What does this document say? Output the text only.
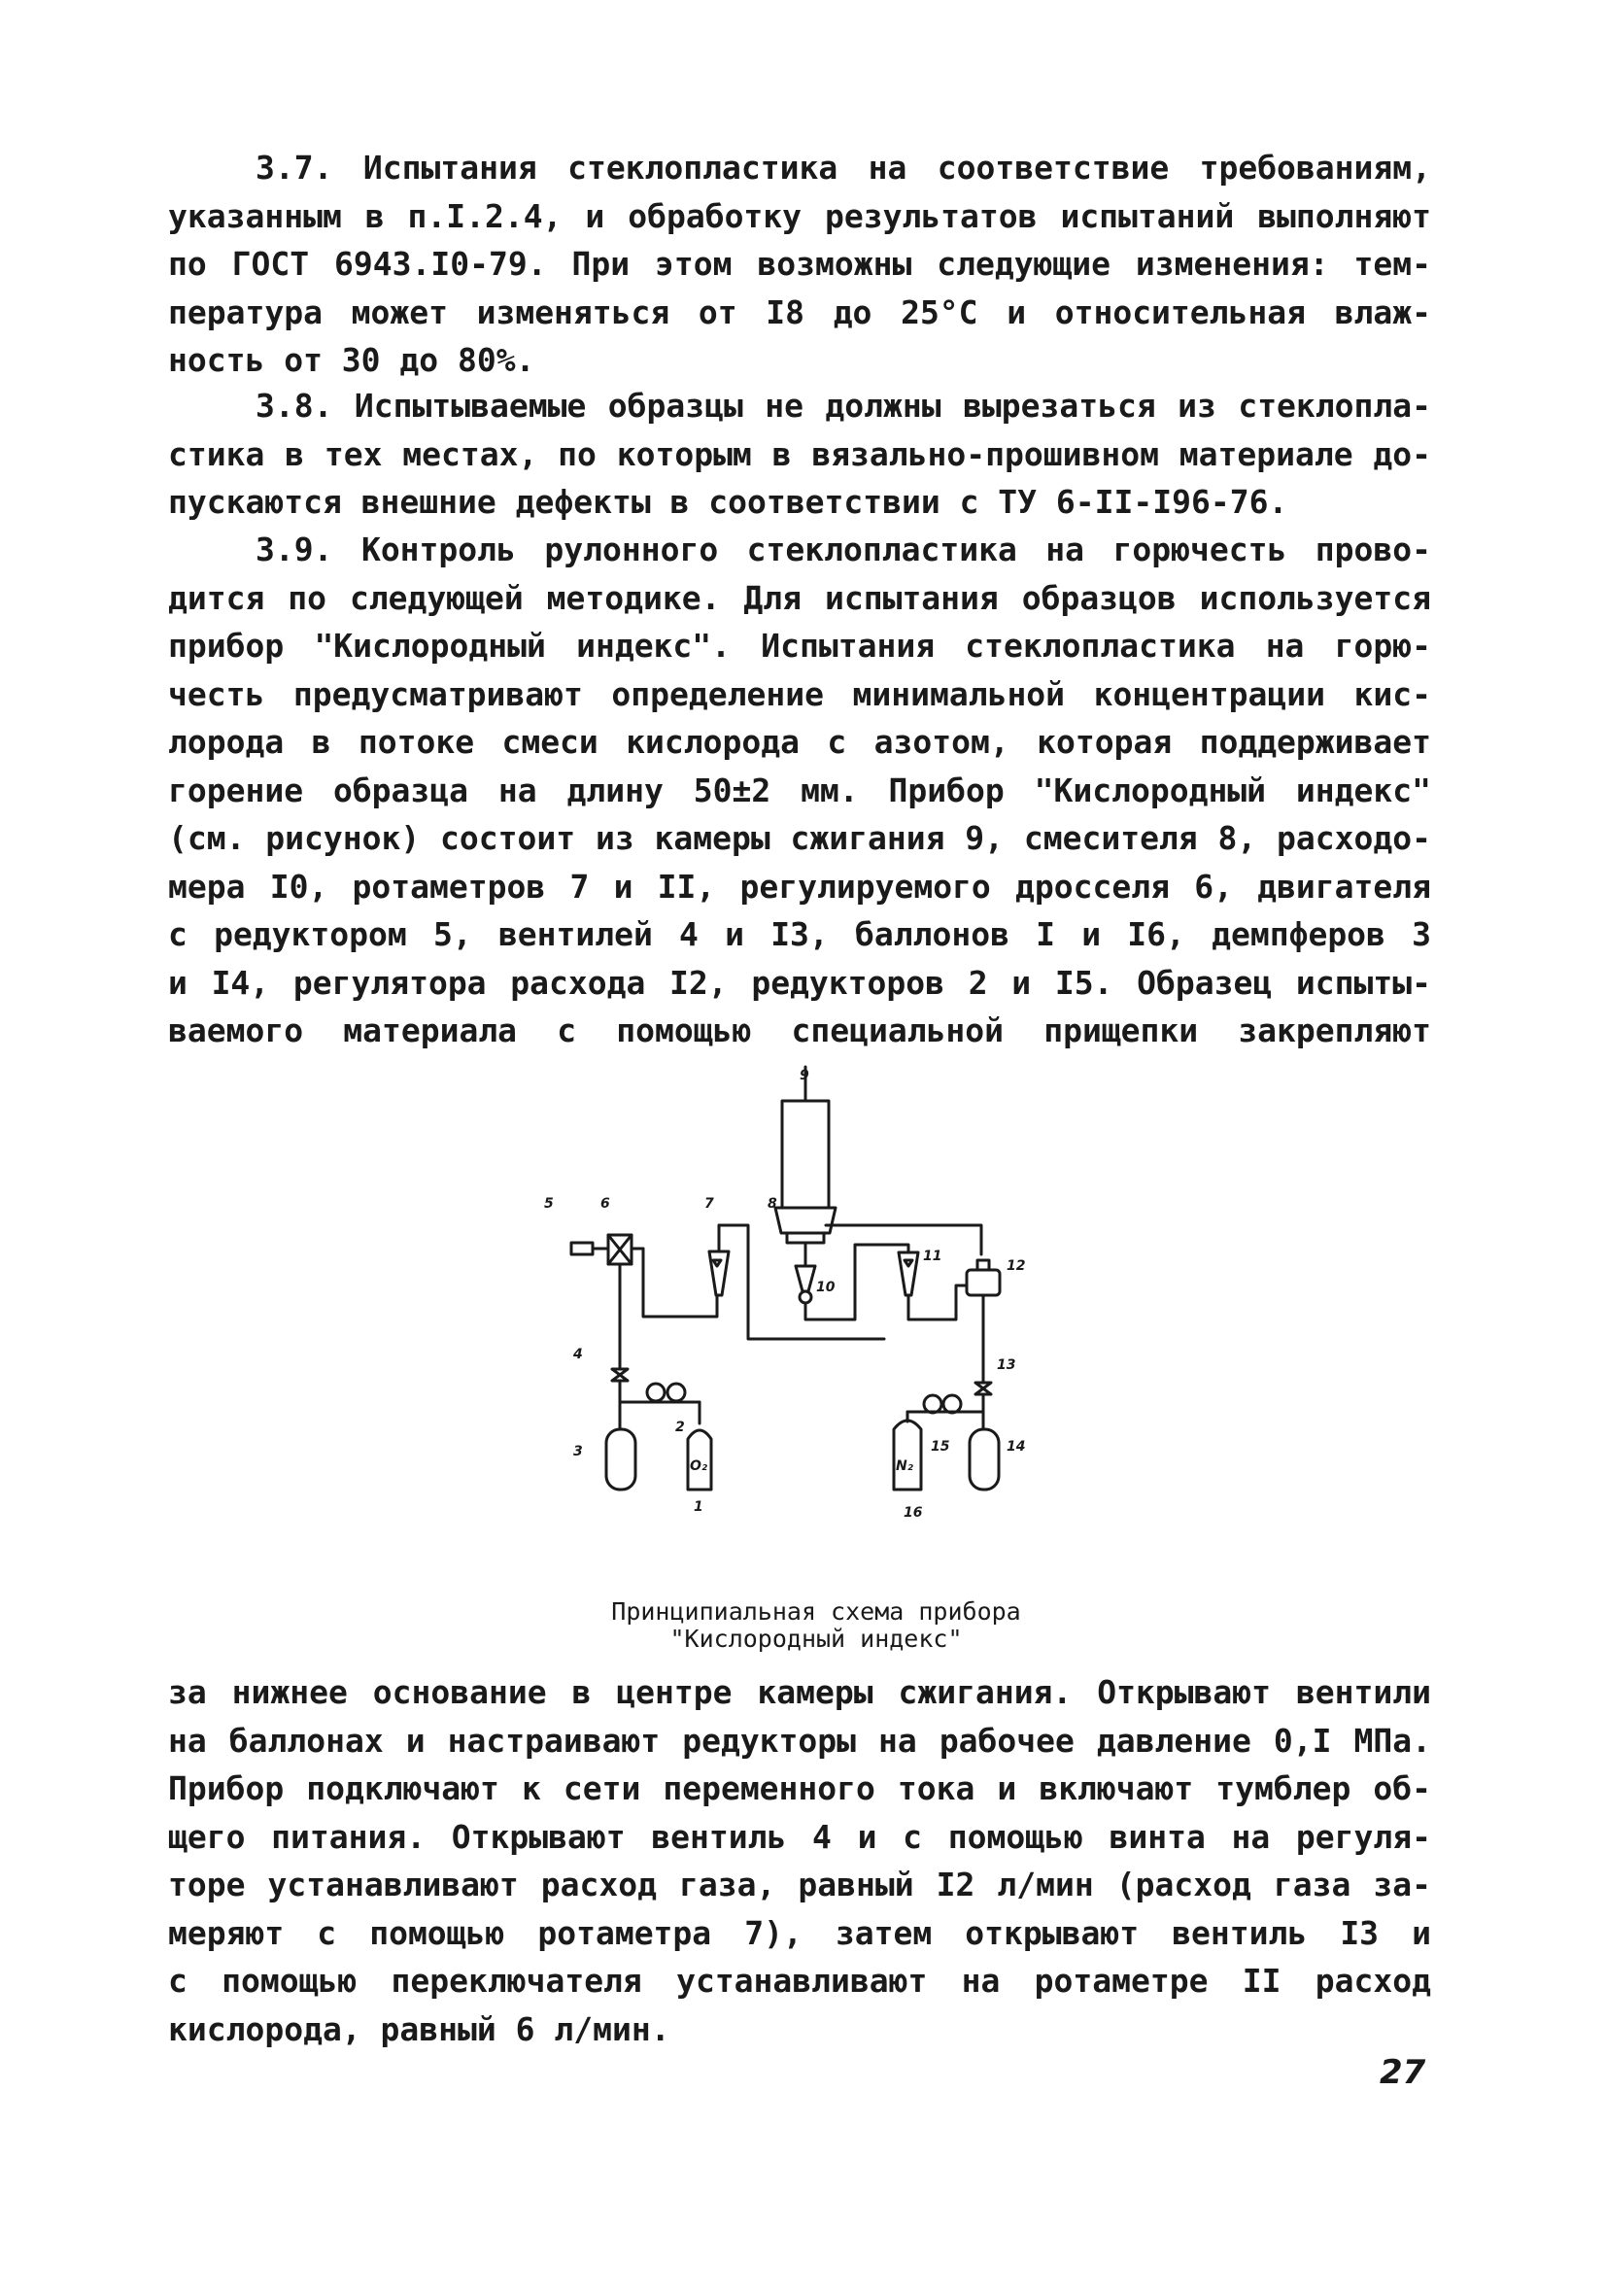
3.7. Испытания стеклопластика на соответствие требованиям,
указанным в п.I.2.4, и обработку результатов испытаний выполняют
по ГОСТ 6943.I0-79. При этом возможны следующие изменения: тем-
пература может изменяться от I8 до 25°C и относительная влаж-
ность от 30 до 80%.
3.8. Испытываемые образцы не должны вырезаться из стеклопла-
стика в тех местах, по которым в вязально-прошивном материале до-
пускаются внешние дефекты в соответствии с ТУ 6-II-I96-76.
3.9. Контроль рулонного стеклопластика на горючесть прово-
дится по следующей методике. Для испытания образцов используется
прибор "Кислородный индекс". Испытания стеклопластика на горю-
честь предусматривают определение минимальной концентрации кис-
лорода в потоке смеси кислорода с азотом, которая поддерживает
горение образца на длину 50±2 мм. Прибор "Кислородный индекс"
(см. рисунок) состоит из камеры сжигания 9, смесителя 8, расходо-
мера I0, ротаметров 7 и II, регулируемого дросселя 6, двигателя
с редуктором 5, вентилей 4 и I3, баллонов I и I6, демпферов 3
и I4, регулятора расхода I2, редукторов 2 и I5. Образец испыты-
ваемого материала с помощью специальной прищепки закрепляют
5	6	7	8
9
10
11
12
13
14
15
16
4
3
2
1
O₂	N₂
Принципиальная схема прибора
"Кислородный индекс"
за нижнее основание в центре камеры сжигания. Открывают вентили
на баллонах и настраивают редукторы на рабочее давление 0,I МПа.
Прибор подключают к сети переменного тока и включают тумблер об-
щего питания. Открывают вентиль 4 и с помощью винта на регуля-
торе устанавливают расход газа, равный I2 л/мин (расход газа за-
меряют с помощью ротаметра 7), затем открывают вентиль I3 и
с помощью переключателя устанавливают на ротаметре II расход
кислорода, равный 6 л/мин.
27
